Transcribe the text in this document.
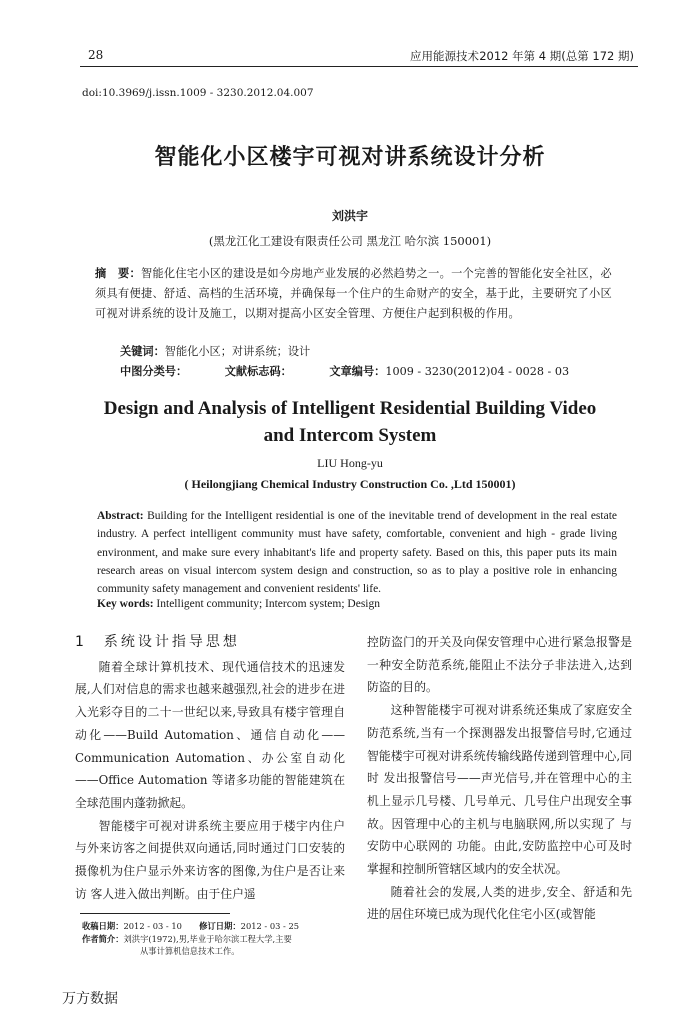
28	应用能源技术 2012 年第 4 期(总第 172 期)
doi:10.3969/j.issn.1009 - 3230.2012.04.007
智能化小区楼宇可视对讲系统设计分析
刘洪宇
(黑龙江化工建设有限责任公司 黑龙江 哈尔滨 150001)
摘　要：智能化住宅小区的建设是如今房地产业发展的必然趋势之一。一个完善的智能化安全社区，必须具有便捷、舒适、高档的生活环境，并确保每一个住户的生命财产的安全，基于此，主要研究了小区可视对讲系统的设计及施工，以期对提高小区安全管理、方便住户起到积极的作用。
关键词：智能化小区；对讲系统；设计
中图分类号：	文献标志码：	文章编号：1009 - 3230(2012)04 - 0028 - 03
Design and Analysis of Intelligent Residential Building Video
and Intercom System
LIU Hong-yu
( Heilongjiang Chemical Industry Construction Co. ,Ltd 150001)
Abstract: Building for the Intelligent residential is one of the inevitable trend of development in the real estate industry. A perfect intelligent community must have safety, comfortable, convenient and high - grade living environment, and make sure every inhabitant's life and property safety. Based on this, this paper puts its main research areas on visual intercom system design and construction, so as to play a positive role in enhancing community safety management and convenient residents' life.
Key words: Intelligent community; Intercom system; Design
1　系统设计指导思想

随着全球计算机技术、现代通信技术的迅速发展,人们对信息的需求也越来越强烈,社会的进步在进入光彩夺目的二十一世纪以来,导致具有楼宇管理自动化——Build Automation、通信自动化——Communication Automation、办公室自动化——Office Automation 等诸多功能的智能建筑在全球范围内蓬勃掀起。

智能楼宇可视对讲系统主要应用于楼宇内住户与外来访客之间提供双向通话,同时通过门口安装的摄像机为住户显示外来访客的图像,为住户是否让来访 客人进入做出判断。由于住户遥

控防盗门的开关及向保安管理中心进行紧急报警是一种安全防范系统,能阻止不法分子非法进入,达到防盗的目的。

这种智能楼宇可视对讲系统还集成了家庭安全防范系统,当有一个探测器发出报警信号时,它通过智能楼宇可视对讲系统传输线路传递到管理中心,同时 发出报警信号——声光信号,并在管理中心的主机上显示几号楼、几号单元、几号住户出现安全事故。因管理中心的主机与电脑联网,所以实现了 与安防中心联网的 功能。由此,安防监控中心可及时掌握和控制所管辖区域内的安全状况。

随着社会的发展,人类的进步,安全、舒适和先进的居住环境已成为现代化住宅小区(或智能

收稿日期：2012 - 03 - 10 修订日期：2012 - 03 - 25
作者简介：刘洪宇(1972),男,毕业于哈尔滨工程大学,主要
从事计算机信息技术工作。
万方数据
